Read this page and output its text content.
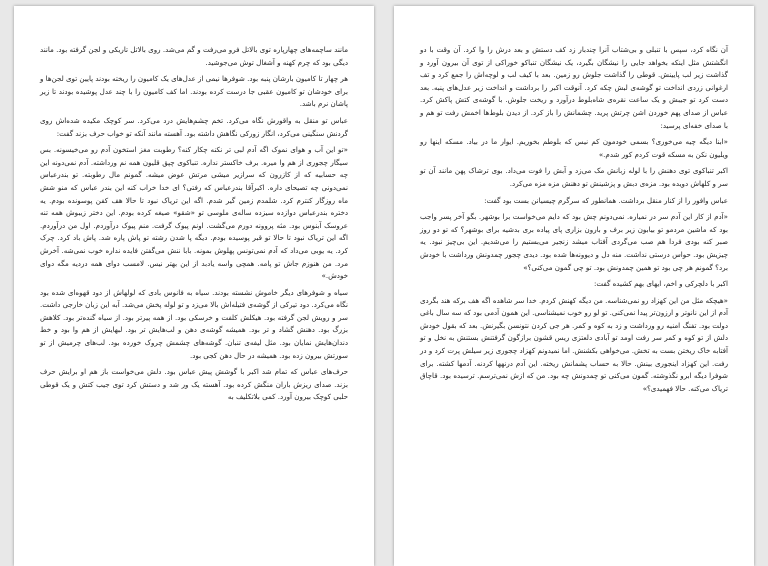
مانند ساچمه‌های چهارپاره توی بالاتل فرو می‌رفت و گم می‌شد. روی بالاتل تاریکی و لجن گرفته بود. مانند دیگی بود که چرم کهنه و آشغال توش می‌جوشید.

هر چهار تا کامیون بارشان پنبه بود. شوفرها نیمی از عدل‌های یک کامیون را ریخته بودند پایین توی لجن‌ها و برای خودشان تو کامیون عقبی جا درست کرده بودند. اما کف کامیون را با چند عدل پوشیده بودند تا زیر پاشان نرم باشد.

عباس تو منقل به واقورش نگاه می‌کرد. تخم چشم‌هایش درد می‌کرد. سر کوچک مکیده شده‌اش روی گردنش سنگینی می‌کرد، انگار زورکی نگاهش داشته بود. آهسته مانند آنکه تو خواب حرف بزند گفت:

«تو این آب و هوای نموک اگه آدم لبی تر نکنه چکار کنه؟ رطوبت مغز استخون آدم رو می‌خیسونه. بس سیگار چجوری از هم وا میره. برف خاکستر نداره. تنباکوی چپق قلیون همه نم ورداشته. آدم نمی‌دونه این چه حسابیه که از کازرون که سرازیر میشی مرتش عوض میشه. گمونم مال رطوبته. تو بندرعباس نمی‌دونی چه تصیحای داره. اکبرآقا بندرعباس که رفتی؟ ای خدا خراب کنه این بندر عباس که منو شش ماه روزگار کنترم کرد. شلمدم زمین گیر شدم. اگه این تریاک نبود تا حالا هف کفن پوسونده بودم. یه دختره بندرعباس دوازده سیزده ساله‌ی ملوسی تو «شقو» صیغه کرده بودم. این دختر زیبوش همه تنه عروسک آبنوس بود. مثه پروونه دورم می‌گشت. اونم پیوک گرفت. منم پیوک درآوردم. اول من درآوردم. اگه این تریاک نبود تا حالا تو قبر پوسیده بودم. دیگه پا شدن رشته تو پاش پاره شد. پاش باد کرد. چرک کرد. یه یوبی می‌داد که آدم نمی‌تونس پهلوش بمونه. بابا ننش می‌گفتن فایده نداره خوب نمی‌شه. آخرش مرد. من هنوزم جاش تو پامه. همچی واسه یادبد از این بهتر نیس. لامسب دوای همه دردیه مگه دوای خودش.»

سیاه و شوفرهای دیگر خاموش نشسته بودند. سیاه به فانوس بادی که لولهاش از دود قهوه‌ای شده بود نگاه می‌کرد. دود تیرکی از گوشه‌ی فتیله‌اش بالا می‌زد و تو لوله پخش می‌شد. آبه این زبان خارجی داشت. سر و رویش لجن گرفته بود. هیکلش کلفت و خرسکی بود. از همه پیرتر بود. از سیاه گنده‌تر بود. کلاهش بزرگ بود. دهنش گشاد و تر بود. همیشه گوشه‌ی دهن و لب‌هایش تر بود. لبهایش از هم وا بود و خط دندان‌هایش نمایان بود. مثل لیفه‌ی تنبان. گوشه‌های چشمش چروک خورده بود. لب‌های چرمیش از تو سورتش بیرون زده بود. همیشه در حال دهن کجی بود.

حرف‌های عباس که تمام شد اکبر با گوشش پیش عباس بود. دلش می‌خواست باز هم او برایش حرف بزند. صدای ریزش باران منگش کرده بود. آهسته یک ور شد و دستش کرد توی جیب کتش و یک قوطی حلبی کوچک بیرون آورد. کمی بلاتکلیف به

آن نگاه کرد، سپس با تنبلی و بی‌شتاب آنرا چندبار زد کف دستش و بعد درش را وا کرد. آن وقت با دو انگشتش مثل اینکه بخواهد جایی را نیشگان بگیرد، یک نیشگان تنباکو خوراکی از توی آن بیرون آورد و گذاشت زیر لب پایینش. قوطی را گذاشت جلوش رو زمین. بعد با کیف لب و لوچه‌اش را جمع کرد و تف ارغوانی زردی انداخت تو گوشه‌ی لبش چکه کرد. آنوقت اکبر را برداشت و انداخت زیر عدل‌های پنبه. بعد دست کرد تو جیبش و یک ساعت نقره‌ی شاه‌بلوط درآورد و ریخت جلوش. با گوشه‌ی کتش پاکش کرد. عباس از صدای پهم خوردن اشن چرتش پرید. چشمانش را باز کرد. از دیدن بلوط‌ها اخمش رفت تو هم و با صدای خفه‌ای پرسید:

«ابنا دیگه چیه می‌خوری؟ بسمی خودمون کم نیس که بلوطم بخوریم. ‌ایوار ما در بیاد. مسکه اینها رو ویلیون نکن به مسکه قوت کردم کور شدم.»

اکبر تنباکوی توی دهنش را با لوله زبانش مک می‌زد و آبش را فوت می‌داد. بوی ترشاک پهن مانند آن تو سر و کلهاش دویده بود. مزه‌ی دبش و پزشینش تو دهنش مزه مزه می‌کرد.

عباس وافور را از کنار منقل برداشت. همانطور که سرگرم چیسیانن بست بود گفت:

«آدم از کار این آدم سر در نمیاره. نمی‌دونم چش بود که دایم می‌خواست برا بوشهر. بگو آخر پسر واجب بود که ماشین مردمو تو بیابون زیر برف و بارون بزاری پای پیاده بری بدشیه برای بوشهر؟ که تو دو روز صبر کنه بودی فردا هم صب می‌گردی آفتاب میشد زنجیر می‌بستیم را می‌شدیم. این بی‌چیز نبود. یه چیزیش بود. حواس درستی نداشت. منه دل و دیوونه‌ها شده بود. دیدی چجور چمدونش ورداشت با خودش برد؟ گمونم هر چی بود تو همین چمدونش بود. تو چی گمون می‌کنی؟»

اکبر با دلچرکی و اخم، ایهای بهم کشیده گفت:

«هیچکه مثل من این کهزاد رو نمی‌شناسه. من دیگه کهنش کردم. خدا سر شاهده اگه هف برکه هند بگردی آدم از این نانوتر و ارزون‌تر پیدا نمی‌کنی. تو لو رو خوب نمیشناسی. این همون آدمی بود که سه سال باغی دولت بود. تفنگ امنیه رو ورداشت و زد به کوه و کمر. هر جی کردن نتونسن بگیرنش. بعد که بقول خودش دلش از تو کوه و کمر سر رفت اومد تو آبادی دلعتزی ریس قشون برازگون گرفتنش بستنش به نخل و تو آفتابه خاک ریختن بست به تخش. می‌خواهی بکشنش. اما نمیدونم کهزاد چجوری زیر سیلش پرت کرد و در رفت. این کهزاد اینجوری بینش. حالا به حساب پشمانش ریخته. این آدم درنهها کردنه. آدمها کشته. برای شوفرا دیگه ابرو نگذوشته. گمون می‌کنی تو چمدونش چه بود. من که ازش نمی‌ترسم. ترسیده بود. قاچاق تریاک می‌کنه. حالا فهمیدی؟»
